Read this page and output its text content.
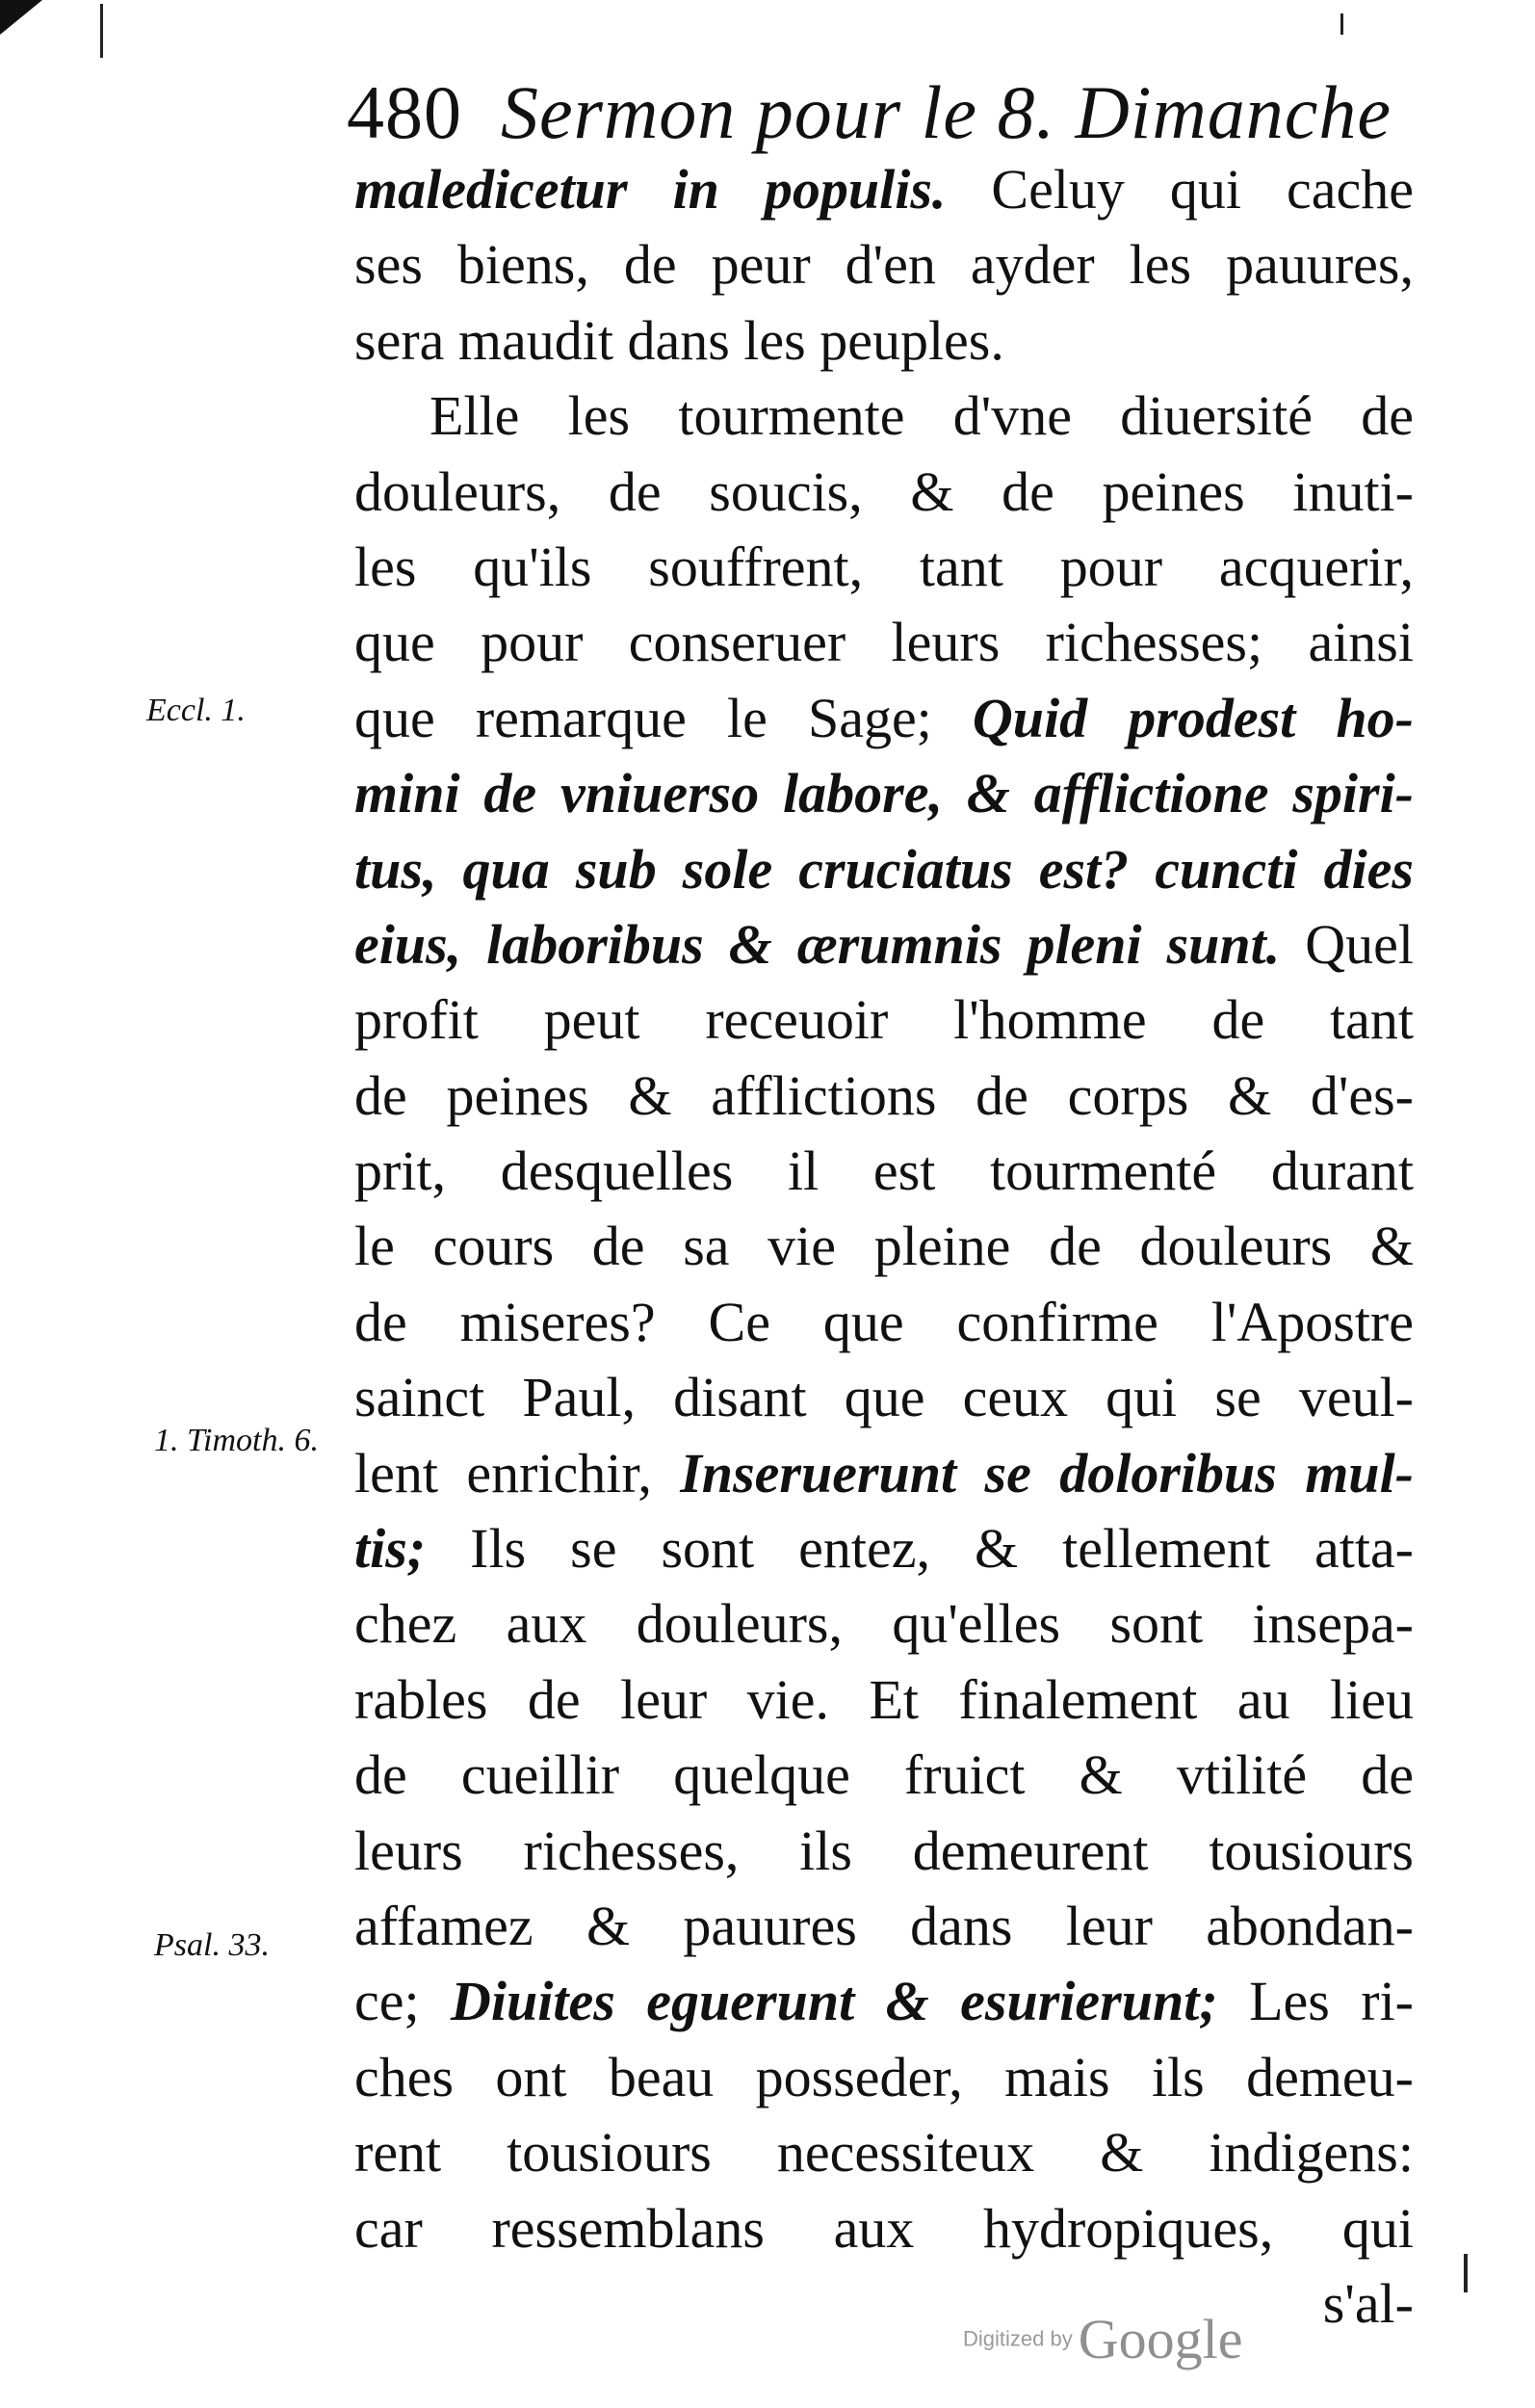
480 Sermon pour le 8. Dimanche
Eccl. 1.
1. Timoth. 6.
Psal. 33.
maledicetur in populis. Celuy qui cache
ses biens, de peur d'en ayder les pauures,
sera maudit dans les peuples.
Elle les tourmente d'vne diuersité de
douleurs, de soucis, & de peines inuti-
les qu'ils souffrent, tant pour acquerir,
que pour conseruer leurs richesses; ainsi
que remarque le Sage; Quid prodest ho-
mini de vniuerso labore, & afflictione spiri-
tus, qua sub sole cruciatus est? cuncti dies
eius, laboribus & ærumnis pleni sunt. Quel
profit peut receuoir l'homme de tant
de peines & afflictions de corps & d'es-
prit, desquelles il est tourmenté durant
le cours de sa vie pleine de douleurs &
de miseres? Ce que confirme l'Apostre
sainct Paul, disant que ceux qui se veul-
lent enrichir, Inseruerunt se doloribus mul-
tis; Ils se sont entez, & tellement atta-
chez aux douleurs, qu'elles sont insepa-
rables de leur vie. Et finalement au lieu
de cueillir quelque fruict & vtilité de
leurs richesses, ils demeurent tousiours
affamez & pauures dans leur abondan-
ce; Diuites eguerunt & esurierunt; Les ri-
ches ont beau posseder, mais ils demeu-
rent tousiours necessiteux & indigens:
car ressemblans aux hydropiques, qui
s'al-
Digitized by Google
